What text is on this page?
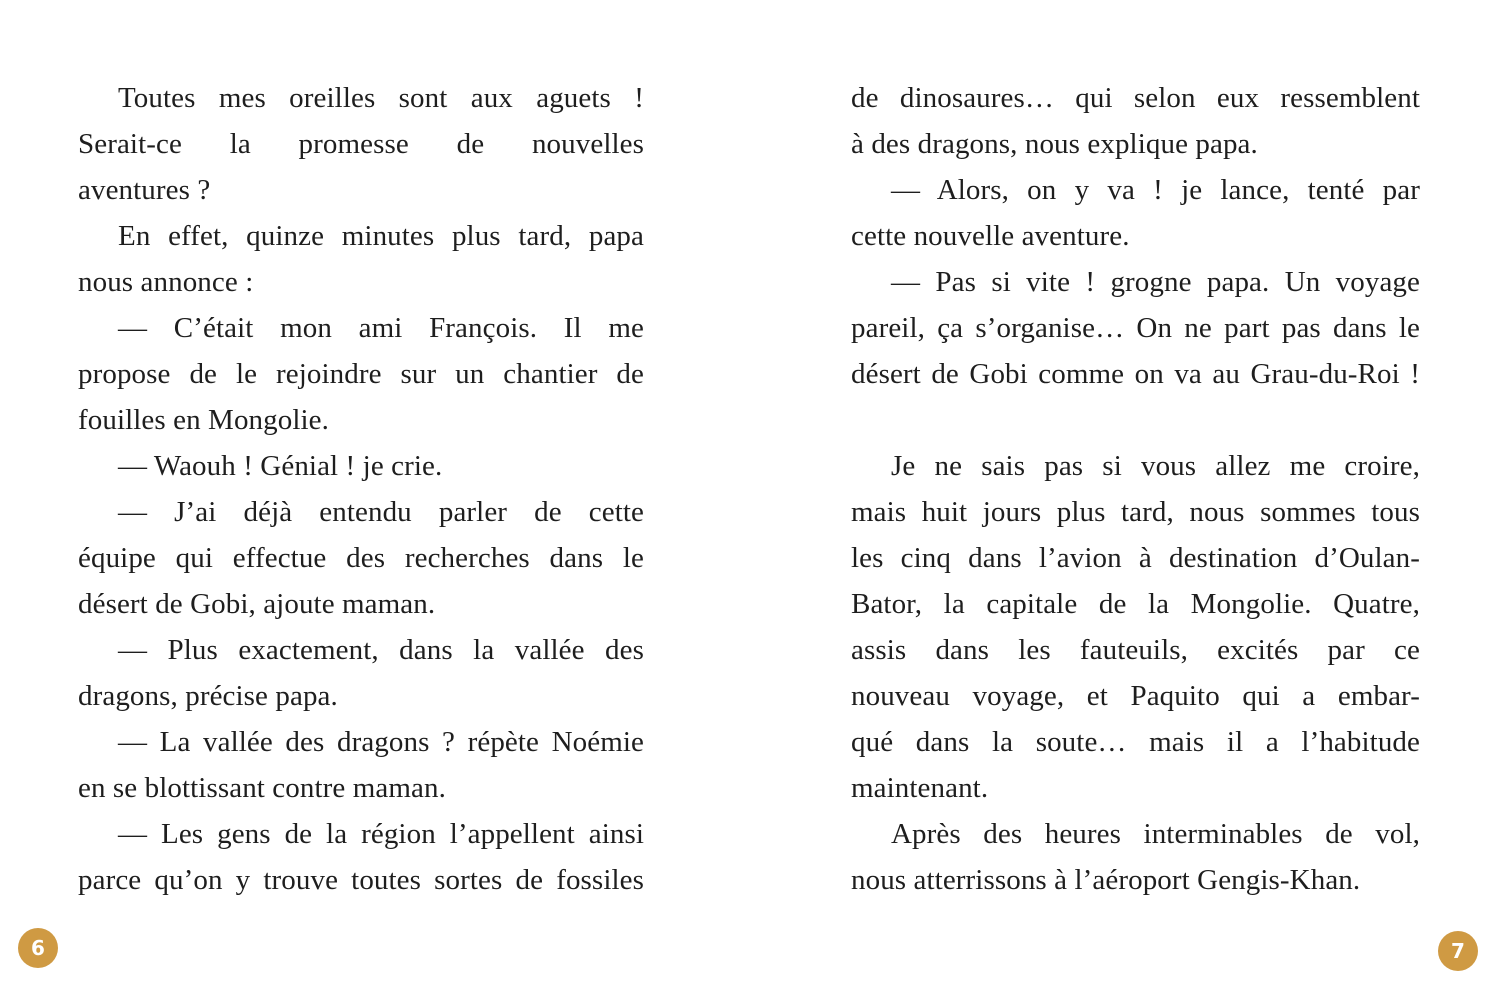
Toutes mes oreilles sont aux aguets !
Serait-ce la promesse de nouvelles
aventures ?
En effet, quinze minutes plus tard, papa
nous annonce :
— C’était mon ami François. Il me
propose de le rejoindre sur un chantier de
fouilles en Mongolie.
— Waouh ! Génial ! je crie.
— J’ai déjà entendu parler de cette
équipe qui effectue des recherches dans le
désert de Gobi, ajoute maman.
— Plus exactement, dans la vallée des
dragons, précise papa.
— La vallée des dragons ? répète Noémie
en se blottissant contre maman.
— Les gens de la région l’appellent ainsi
parce qu’on y trouve toutes sortes de fossiles
de dinosaures… qui selon eux ressemblent
à des dragons, nous explique papa.
— Alors, on y va ! je lance, tenté par
cette nouvelle aventure.
— Pas si vite ! grogne papa. Un voyage
pareil, ça s’organise… On ne part pas dans le
désert de Gobi comme on va au Grau-du-Roi !
Je ne sais pas si vous allez me croire,
mais huit jours plus tard, nous sommes tous
les cinq dans l’avion à destination d’Oulan-
Bator, la capitale de la Mongolie. Quatre,
assis dans les fauteuils, excités par ce
nouveau voyage, et Paquito qui a embar-
qué dans la soute… mais il a l’habitude
maintenant.
Après des heures interminables de vol,
nous atterrissons à l’aéroport Gengis-Khan.
6	7
